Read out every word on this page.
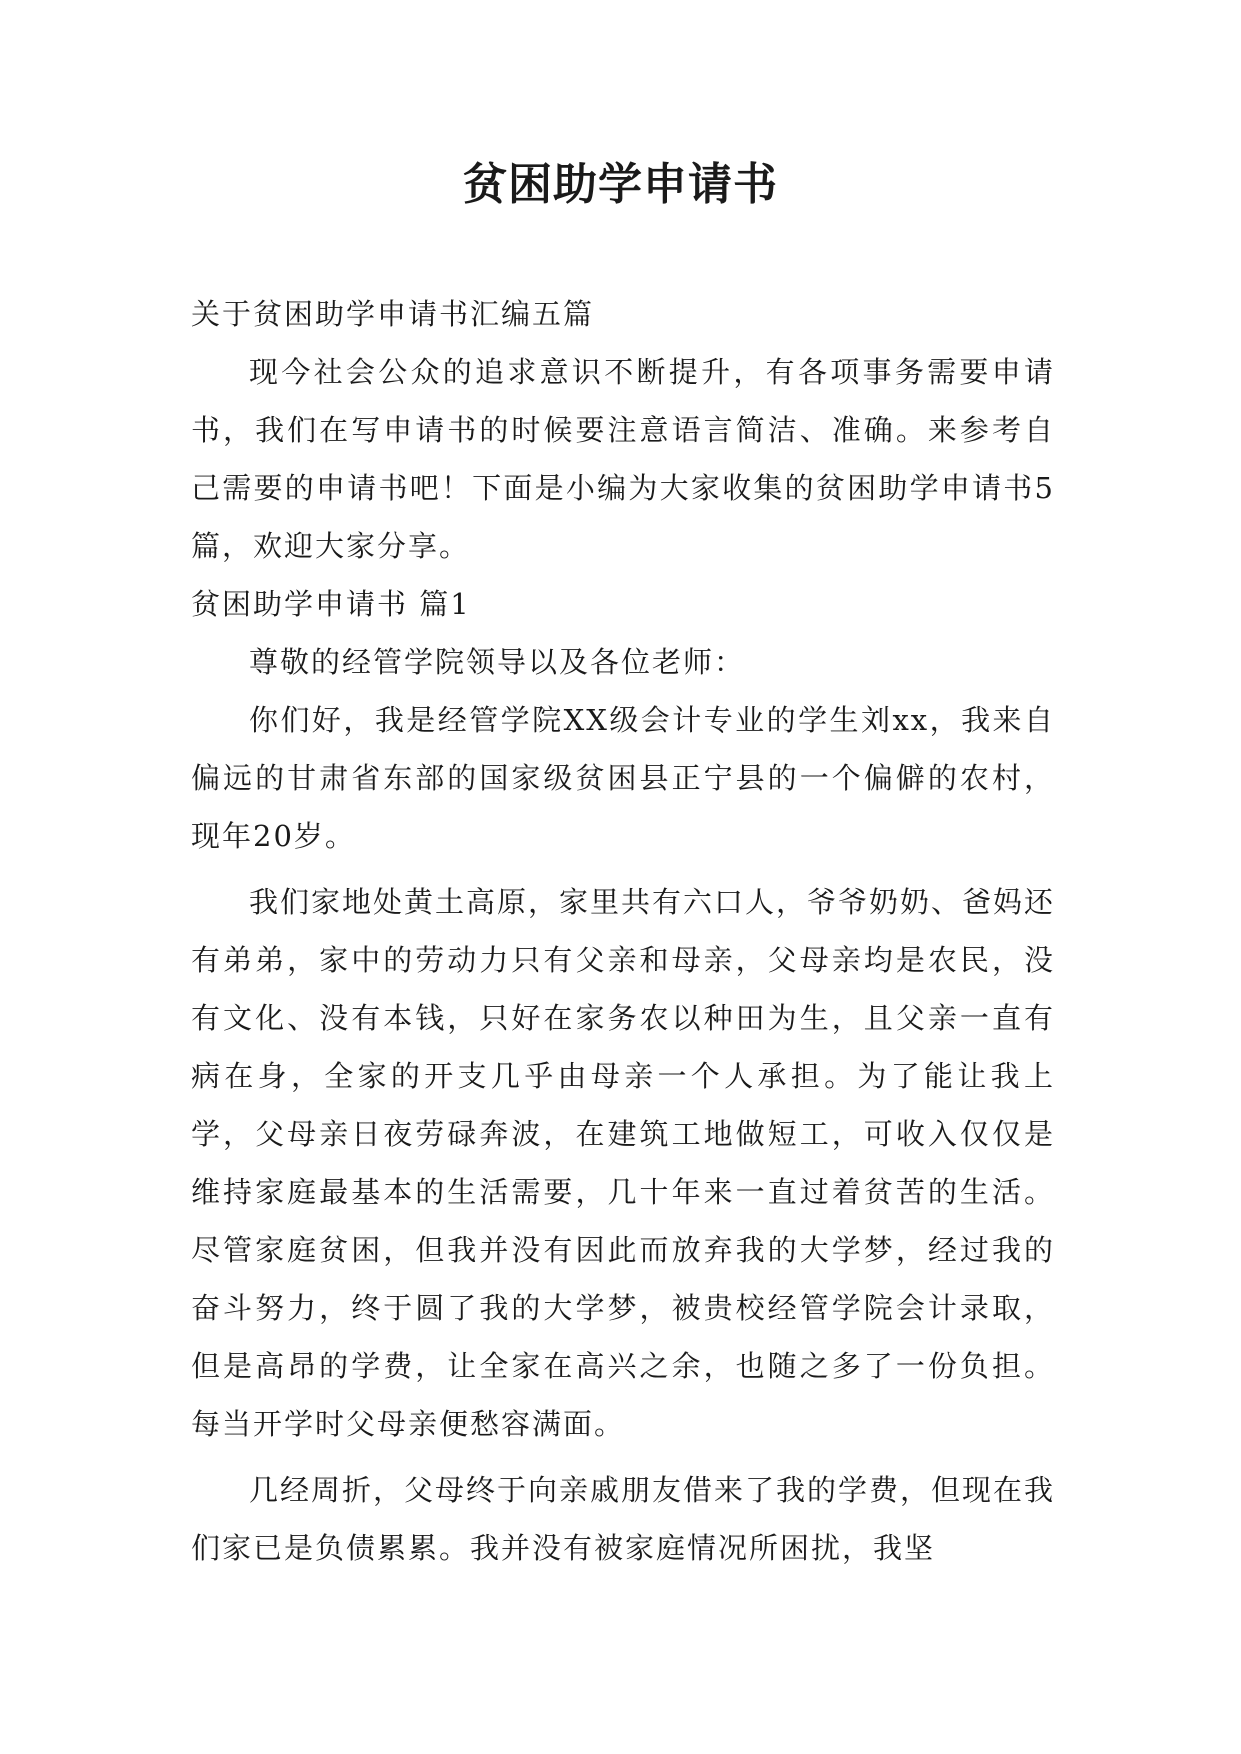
贫困助学申请书

关于贫困助学申请书汇编五篇

现今社会公众的追求意识不断提升，有各项事务需要申请书，我们在写申请书的时候要注意语言简洁、准确。来参考自己需要的申请书吧！下面是小编为大家收集的贫困助学申请书5篇，欢迎大家分享。

贫困助学申请书 篇1

尊敬的经管学院领导以及各位老师：

你们好，我是经管学院XX级会计专业的学生刘xx，我来自偏远的甘肃省东部的国家级贫困县正宁县的一个偏僻的农村，现年20岁。

我们家地处黄土高原，家里共有六口人，爷爷奶奶、爸妈还有弟弟，家中的劳动力只有父亲和母亲，父母亲均是农民，没有文化、没有本钱，只好在家务农以种田为生，且父亲一直有病在身，全家的开支几乎由母亲一个人承担。为了能让我上学，父母亲日夜劳碌奔波，在建筑工地做短工，可收入仅仅是维持家庭最基本的生活需要，几十年来一直过着贫苦的生活。尽管家庭贫困，但我并没有因此而放弃我的大学梦，经过我的奋斗努力，终于圆了我的大学梦，被贵校经管学院会计录取，但是高昂的学费，让全家在高兴之余，也随之多了一份负担。每当开学时父母亲便愁容满面。

几经周折，父母终于向亲戚朋友借来了我的学费，但现在我们家已是负债累累。我并没有被家庭情况所困扰，我坚
